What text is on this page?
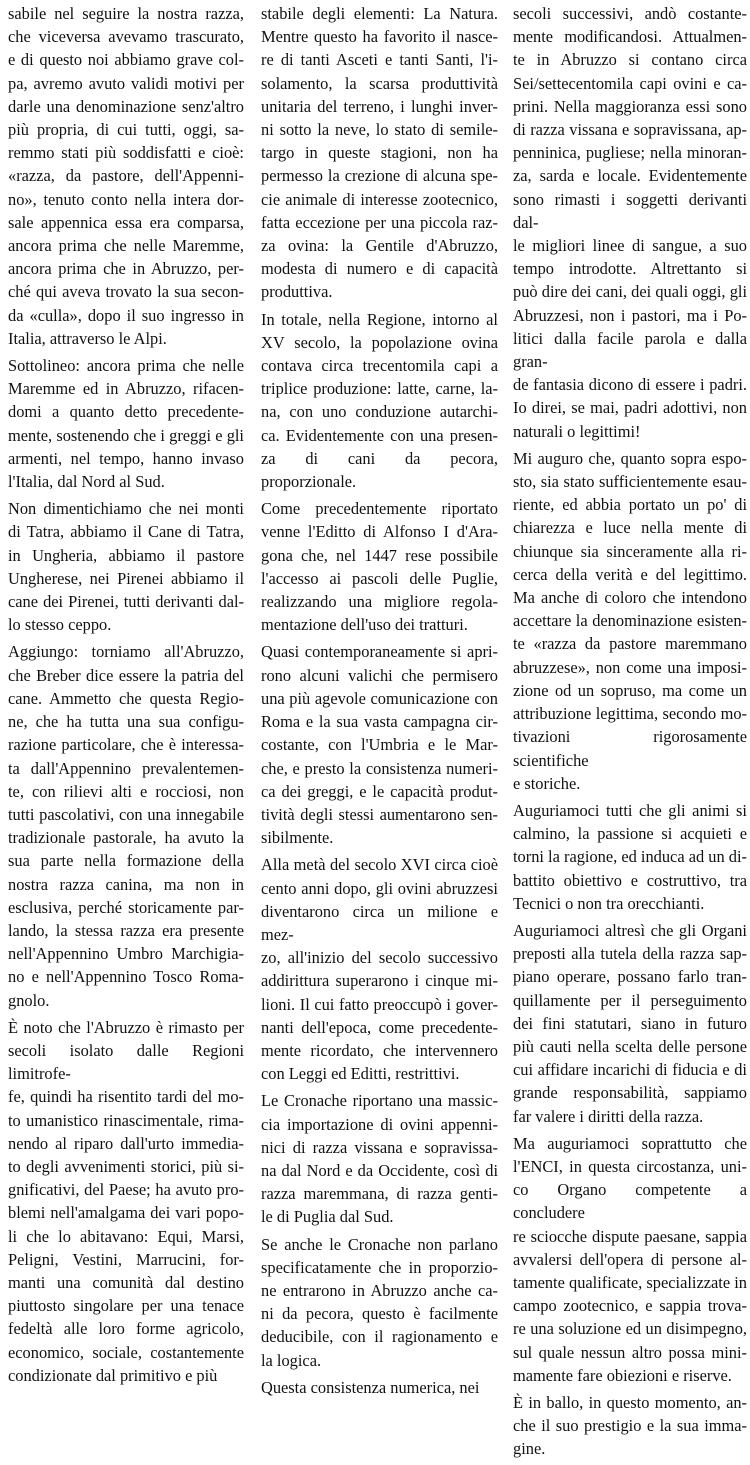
sabile nel seguire la nostra razza,
che viceversa avevamo trascurato,
e di questo noi abbiamo grave col-
pa, avremo avuto validi motivi per
darle una denominazione senz'altro
più propria, di cui tutti, oggi, sa-
remmo stati più soddisfatti e cioè:
«razza, da pastore, dell'Appenni-
no», tenuto conto nella intera dor-
sale appennica essa era comparsa,
ancora prima che nelle Maremme,
ancora prima che in Abruzzo, per-
ché qui aveva trovato la sua secon-
da «culla», dopo il suo ingresso in
Italia, attraverso le Alpi.
Sottolineo: ancora prima che nelle
Maremme ed in Abruzzo, rifacen-
domi a quanto detto precedente-
mente, sostenendo che i greggi e gli
armenti, nel tempo, hanno invaso
l'Italia, dal Nord al Sud.
Non dimentichiamo che nei monti
di Tatra, abbiamo il Cane di Tatra,
in Ungheria, abbiamo il pastore
Ungherese, nei Pirenei abbiamo il
cane dei Pirenei, tutti derivanti dal-
lo stesso ceppo.
Aggiungo: torniamo all'Abruzzo,
che Breber dice essere la patria del
cane. Ammetto che questa Regio-
ne, che ha tutta una sua configu-
razione particolare, che è interessa-
ta dall'Appennino prevalentemen-
te, con rilievi alti e rocciosi, non
tutti pascolativi, con una innegabile
tradizionale pastorale, ha avuto la
sua parte nella formazione della
nostra razza canina, ma non in
esclusiva, perché storicamente par-
lando, la stessa razza era presente
nell'Appennino Umbro Marchigia-
no e nell'Appennino Tosco Roma-
gnolo.
È noto che l'Abruzzo è rimasto per
secoli isolato dalle Regioni limitrofe-
fe, quindi ha risentito tardi del mo-
to umanistico rinascimentale, rima-
nendo al riparo dall'urto immedia-
to degli avvenimenti storici, più si-
gnificativi, del Paese; ha avuto pro-
blemi nell'amalgama dei vari popo-
li che lo abitavano: Equi, Marsi,
Peligni, Vestini, Marrucini, for-
manti una comunità dal destino
piuttosto singolare per una tenace
fedeltà alle loro forme agricolo,
economico, sociale, costantemente
condizionate dal primitivo e più
stabile degli elementi: La Natura.
Mentre questo ha favorito il nasce-
re di tanti Asceti e tanti Santi, l'i-
solamento, la scarsa produttività
unitaria del terreno, i lunghi inver-
ni sotto la neve, lo stato di semile-
targo in queste stagioni, non ha
permesso la crezione di alcuna spe-
cie animale di interesse zootecnico,
fatta eccezione per una piccola raz-
za ovina: la Gentile d'Abruzzo,
modesta di numero e di capacità
produttiva.
In totale, nella Regione, intorno al
XV secolo, la popolazione ovina
contava circa trecentomila capi a
triplice produzione: latte, carne, la-
na, con uno conduzione autarchi-
ca. Evidentemente con una presen-
za di cani da pecora,
proporzionale.
Come precedentemente riportato
venne l'Editto di Alfonso I d'Ara-
gona che, nel 1447 rese possibile
l'accesso ai pascoli delle Puglie,
realizzando una migliore regola-
mentazione dell'uso dei tratturi.
Quasi contemporaneamente si apri-
rono alcuni valichi che permisero
una più agevole comunicazione con
Roma e la sua vasta campagna cir-
costante, con l'Umbria e le Mar-
che, e presto la consistenza numeri-
ca dei greggi, e le capacità produt-
tività degli stessi aumentarono sen-
sibilmente.
Alla metà del secolo XVI circa cioè
cento anni dopo, gli ovini abruzzesi
diventarono circa un milione e mez-
zo, all'inizio del secolo successivo
addirittura superarono i cinque mi-
lioni. Il cui fatto preoccupò i gover-
nanti dell'epoca, come precedente-
mente ricordato, che intervennero
con Leggi ed Editti, restrittivi.
Le Cronache riportano una massic-
cia importazione di ovini appenni-
nici di razza vissana e sopravissa-
na dal Nord e da Occidente, così di
razza maremmana, di razza genti-
le di Puglia dal Sud.
Se anche le Cronache non parlano
specificatamente che in proporzio-
ne entrarono in Abruzzo anche ca-
ni da pecora, questo è facilmente
deducibile, con il ragionamento e
la logica.
Questa consistenza numerica, nei
secoli successivi, andò costante-
mente modificandosi. Attualmen-
te in Abruzzo si contano circa
Sei/settecentomila capi ovini e ca-
prini. Nella maggioranza essi sono
di razza vissana e sopravissana, ap-
penninica, pugliese; nella minoran-
za, sarda e locale. Evidentemente
sono rimasti i soggetti derivanti dal-
le migliori linee di sangue, a suo
tempo introdotte. Altrettanto si
può dire dei cani, dei quali oggi, gli
Abruzzesi, non i pastori, ma i Po-
litici dalla facile parola e dalla gran-
de fantasia dicono di essere i padri.
Io direi, se mai, padri adottivi, non
naturali o legittimi!
Mi auguro che, quanto sopra espo-
sto, sia stato sufficientemente esau-
riente, ed abbia portato un po' di
chiarezza e luce nella mente di
chiunque sia sinceramente alla ri-
cerca della verità e del legittimo.
Ma anche di coloro che intendono
accettare la denominazione esisten-
te «razza da pastore maremmano
abruzzese», non come una imposi-
zione od un sopruso, ma come un
attribuzione legittima, secondo mo-
tivazioni rigorosamente scientifiche
e storiche.
Auguriamoci tutti che gli animi si
calmino, la passione si acquieti e
torni la ragione, ed induca ad un di-
battito obiettivo e costruttivo, tra
Tecnici o non tra orecchianti.
Auguriamoci altresì che gli Organi
preposti alla tutela della razza sap-
piano operare, possano farlo tran-
quillamente per il perseguimento
dei fini statutari, siano in futuro
più cauti nella scelta delle persone
cui affidare incarichi di fiducia e di
grande responsabilità, sappiamo
far valere i diritti della razza.
Ma auguriamoci soprattutto che
l'ENCI, in questa circostanza, uni-
co Organo competente a concludere
re sciocche dispute paesane, sappia
avvalersi dell'opera di persone al-
tamente qualificate, specializzate in
campo zootecnico, e sappia trova-
re una soluzione ed un disimpegno,
sul quale nessun altro possa mini-
mamente fare obiezioni e riserve.
È in ballo, in questo momento, an-
che il suo prestigio e la sua imma-
gine.
